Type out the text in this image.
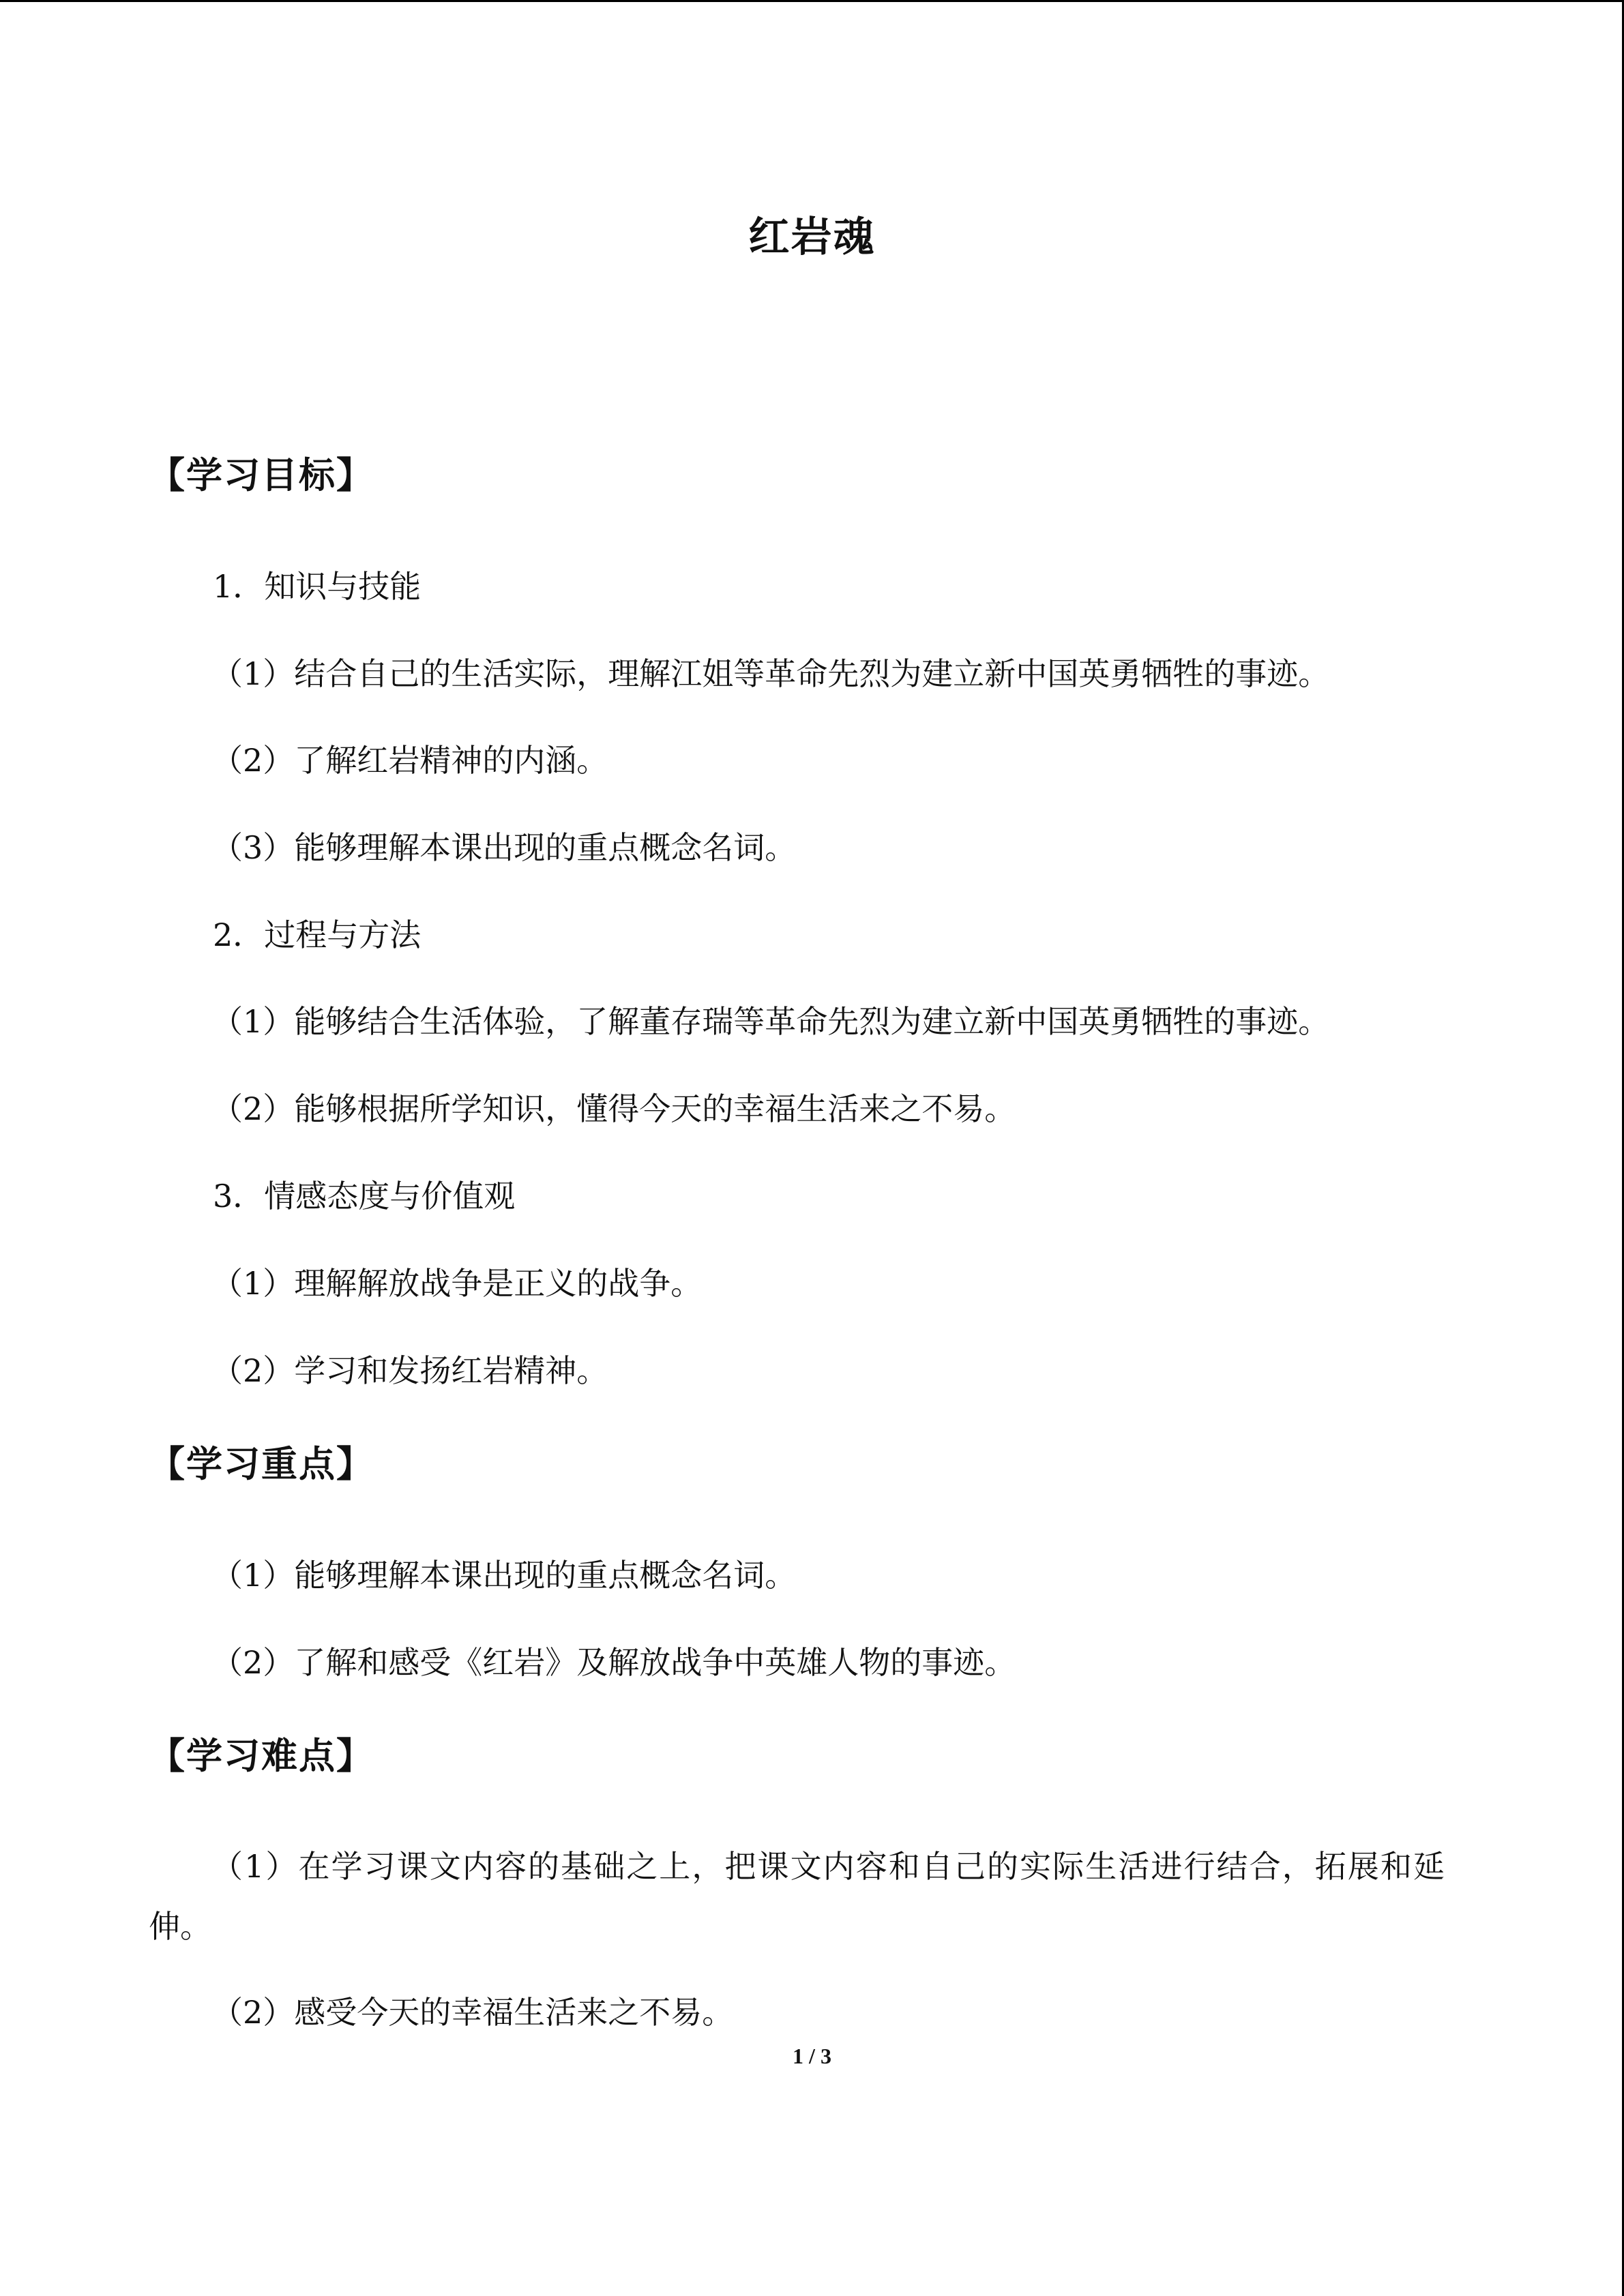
红岩魂
【学习目标】
1．知识与技能
（1）结合自己的生活实际，理解江姐等革命先烈为建立新中国英勇牺牲的事迹。
（2）了解红岩精神的内涵。
（3）能够理解本课出现的重点概念名词。
2．过程与方法
（1）能够结合生活体验，了解董存瑞等革命先烈为建立新中国英勇牺牲的事迹。
（2）能够根据所学知识，懂得今天的幸福生活来之不易。
3．情感态度与价值观
（1）理解解放战争是正义的战争。
（2）学习和发扬红岩精神。
【学习重点】
（1）能够理解本课出现的重点概念名词。
（2）了解和感受《红岩》及解放战争中英雄人物的事迹。
【学习难点】
（1）在学习课文内容的基础之上，把课文内容和自己的实际生活进行结合，拓展和延伸。
（2）感受今天的幸福生活来之不易。
1 / 3
